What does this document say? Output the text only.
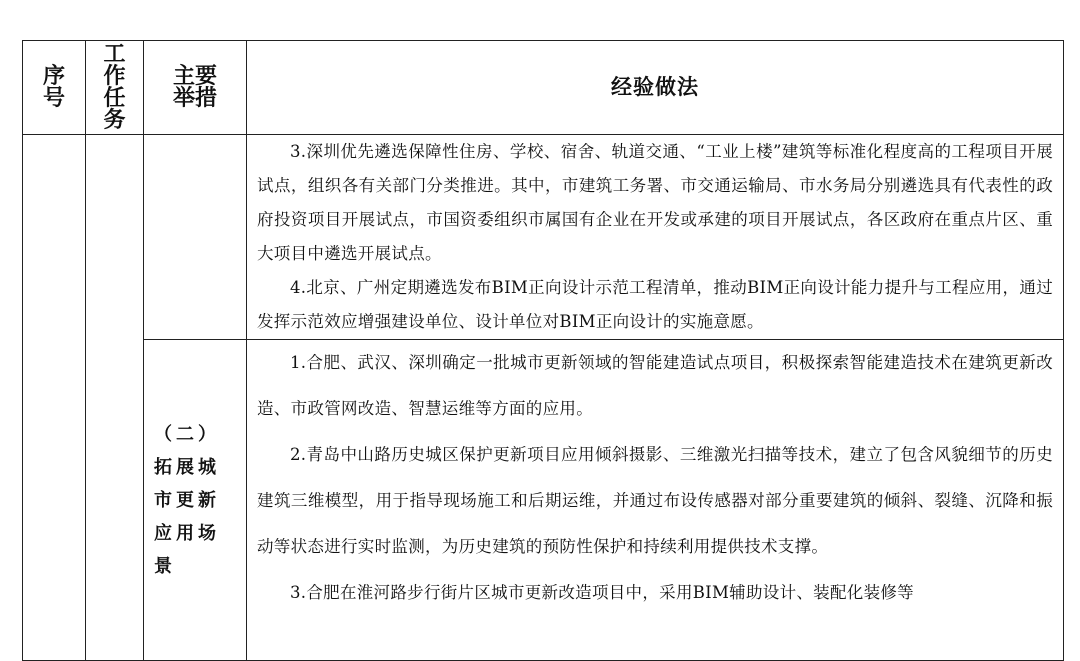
序号	工作任务	主要举措	经验做法

			3.深圳优先遴选保障性住房、学校、宿舍、轨道交通、“工业上楼”建筑等标准化程度高的工程项目开展试点，组织各有关部门分类推进。其中，市建筑工务署、市交通运输局、市水务局分别遴选具有代表性的政府投资项目开展试点，市国资委组织市属国有企业在开发或承建的项目开展试点，各区政府在重点片区、重大项目中遴选开展试点。

4.北京、广州定期遴选发布BIM正向设计示范工程清单，推动BIM正向设计能力提升与工程应用，通过发挥示范效应增强建设单位、设计单位对BIM正向设计的实施意愿。

		（二）拓展城市更新应用场景	1.合肥、武汉、深圳确定一批城市更新领域的智能建造试点项目，积极探索智能建造技术在建筑更新改造、市政管网改造、智慧运维等方面的应用。

2.青岛中山路历史城区保护更新项目应用倾斜摄影、三维激光扫描等技术，建立了包含风貌细节的历史建筑三维模型，用于指导现场施工和后期运维，并通过布设传感器对部分重要建筑的倾斜、裂缝、沉降和振动等状态进行实时监测，为历史建筑的预防性保护和持续利用提供技术支撑。

3.合肥在淮河路步行街片区城市更新改造项目中，采用BIM辅助设计、装配化装修等
